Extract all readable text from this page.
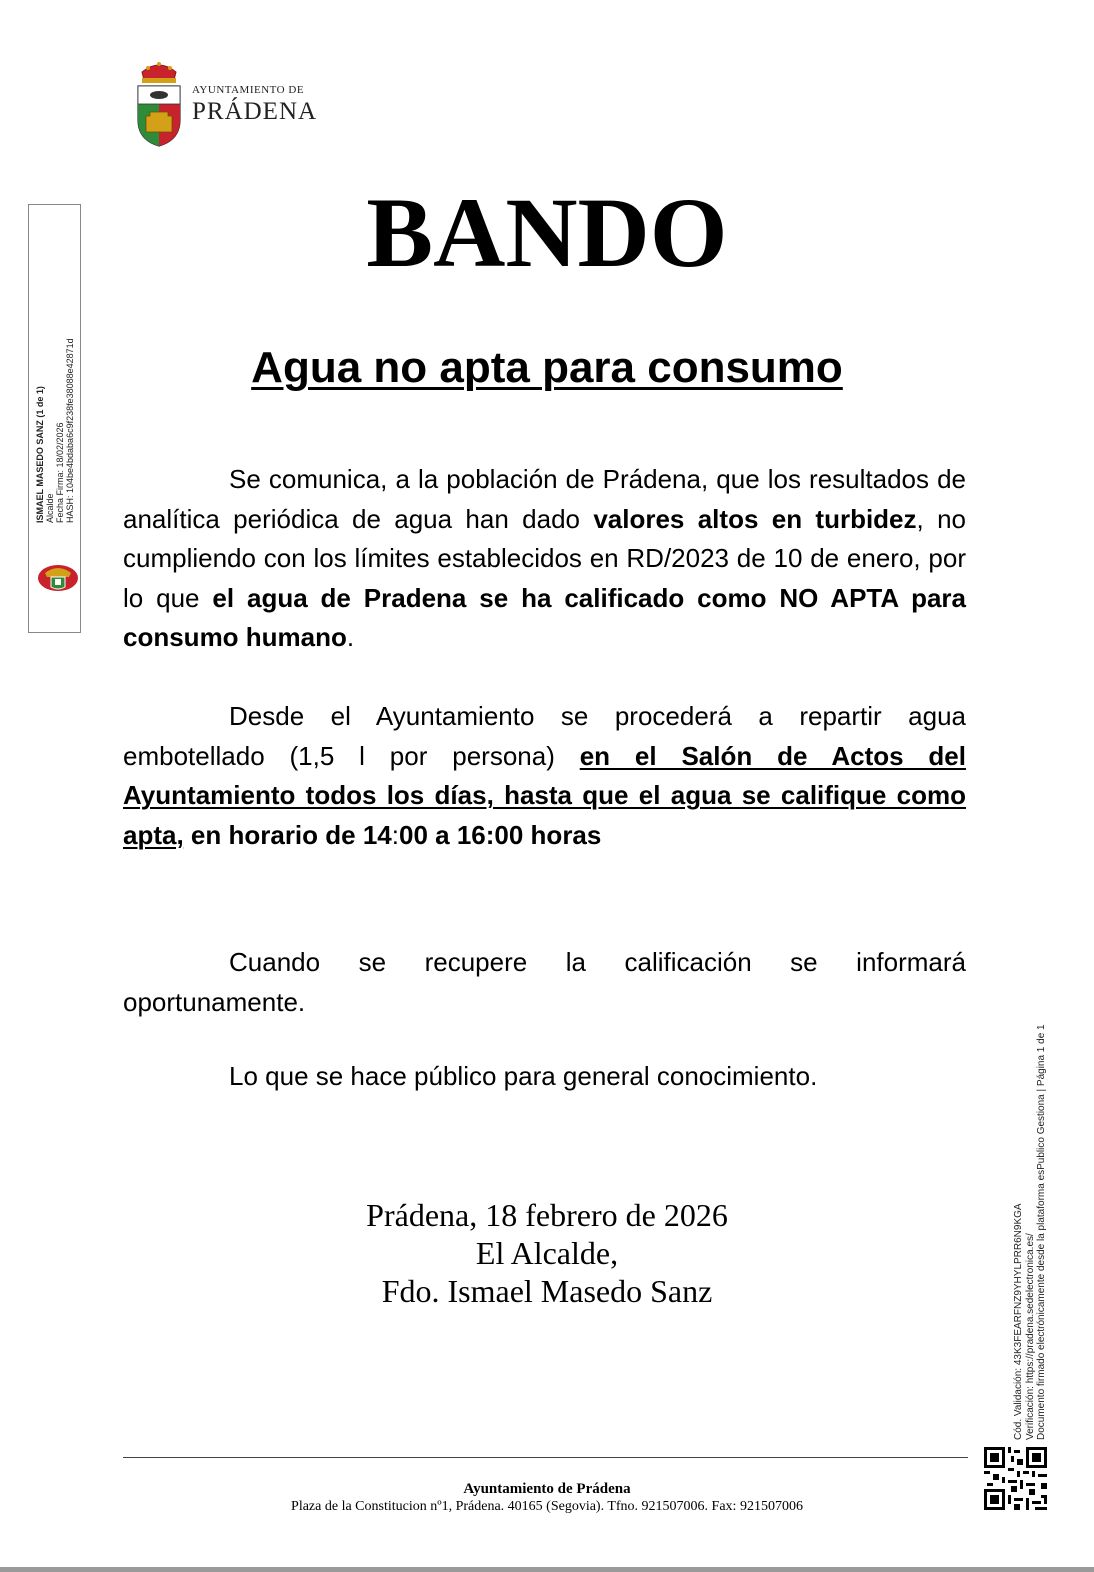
AYUNTAMIENTO DE
PRÁDENA
BANDO
Agua no apta para consumo
Se comunica, a la población de Prádena, que los resultados de analítica periódica de agua han dado valores altos en turbidez, no cumpliendo con los límites establecidos en RD/2023 de 10 de enero, por lo que el agua de Pradena se ha calificado como NO APTA para consumo humano.
Desde el Ayuntamiento se procederá a repartir agua embotellado (1,5 l por persona) en el Salón de Actos del Ayuntamiento todos los días, hasta que el agua se califique como apta, en horario de 14:00 a 16:00 horas
Cuando se recupere la calificación se informará oportunamente.
Lo que se hace público para general conocimiento.
Prádena, 18 febrero de 2026
El Alcalde,
Fdo. Ismael Masedo Sanz
Ayuntamiento de Prádena
Plaza de la Constitucion nº1, Prádena. 40165 (Segovia). Tfno. 921507006. Fax: 921507006
ISMAEL MASEDO SANZ (1 de 1) Alcalde Fecha Firma: 18/02/2026 HASH: 104be4bdaba6c9f238fe38088e42871d
Cód. Validación: 43K3FEARFNZ9YHYLPRR6N9KGA Verificación: https://pradena.sedelectronica.es/ Documento firmado electrónicamente desde la plataforma esPublico Gestiona | Página 1 de 1
